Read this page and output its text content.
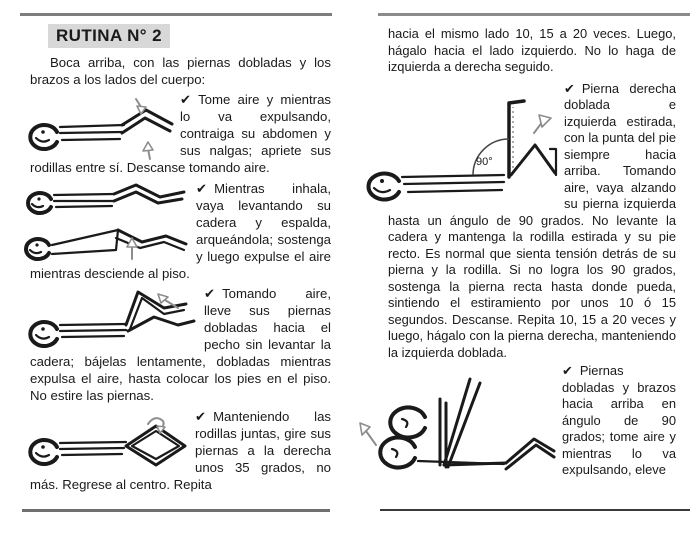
RUTINA N° 2

Boca arriba, con las piernas dobladas y los brazos a los lados del cuerpo:

✔ Tome aire y mientras lo va expulsando, contraiga su abdomen y sus nalgas; apriete sus rodillas entre sí. Descanse tomando aire.

✔ Mientras inhala, vaya levantando su cadera y espalda, arqueándola; sostenga y luego expulse el aire mientras desciende al piso.

✔ Tomando aire, lleve sus piernas dobladas hacia el pecho sin levantar la cadera; bájelas lentamente, dobladas mientras expulsa el aire, hasta colocar los pies en el piso. No estire las piernas.

✔ Manteniendo las rodillas juntas, gire sus piernas a la derecha unos 35 grados, no más. Regrese al centro. Repita

hacia el mismo lado 10, 15 a 20 veces. Luego, hágalo hacia el lado izquierdo. No lo haga de izquierda a derecha seguido.

90°

✔ Pierna derecha doblada e izquierda estirada, con la punta del pie siempre hacia arriba. Tomando aire, vaya alzando su pierna izquierda hasta un ángulo de 90 grados. No levante la cadera y mantenga la rodilla estirada y su pie recto. Es normal que sienta tensión detrás de su pierna y la rodilla. Si no logra los 90 grados, sostenga la pierna recta hasta donde pueda, sintiendo el estiramiento por unos 10 ó 15 segundos. Descanse. Repita 10, 15 a 20 veces y luego, hágalo con la pierna derecha, manteniendo la izquierda doblada.

✔ Piernas dobladas y brazos hacia arriba en ángulo de 90 grados; tome aire y mientras lo va expulsando, eleve
